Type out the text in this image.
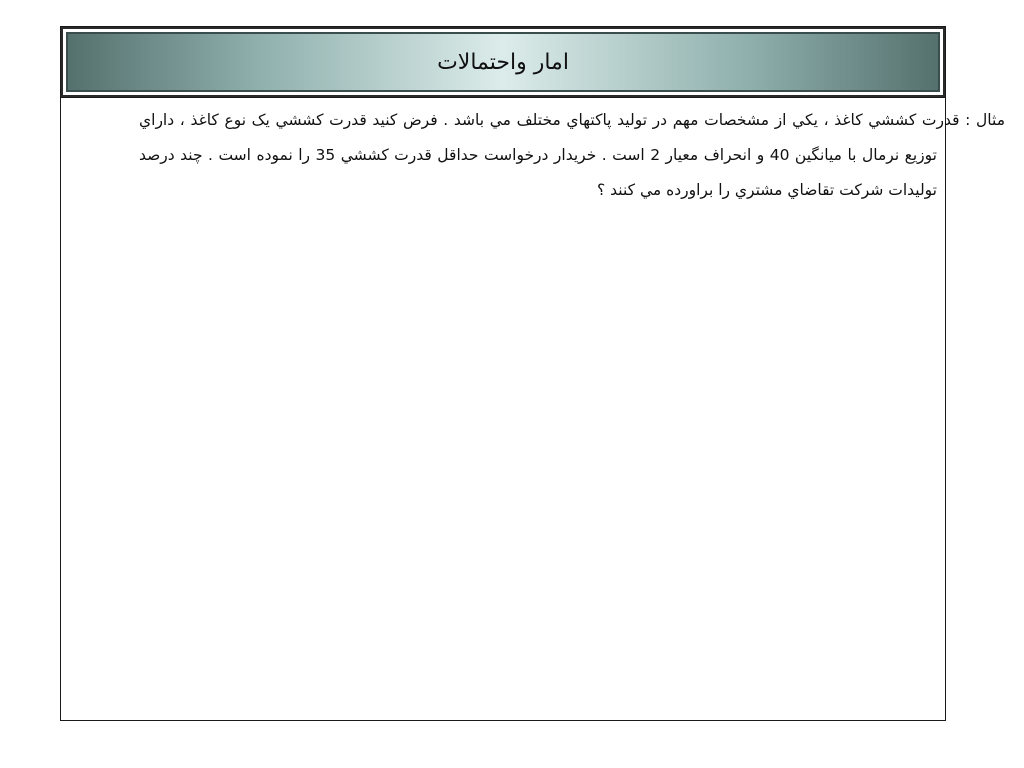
امار واحتمالات

مثال : قدرت كششي كاغذ ، يكي از مشخصات مهم در توليد پاكتهاي مختلف مي باشد . فرض كنيد قدرت كششي يک نوع كاغذ ، داراي توزيع نرمال با ميانگين 40 و انحراف معيار 2 است . خريدار درخواست حداقل قدرت كششي 35 را نموده است . چند درصد توليدات شركت تقاضاي مشتري را براورده مي كنند ؟
